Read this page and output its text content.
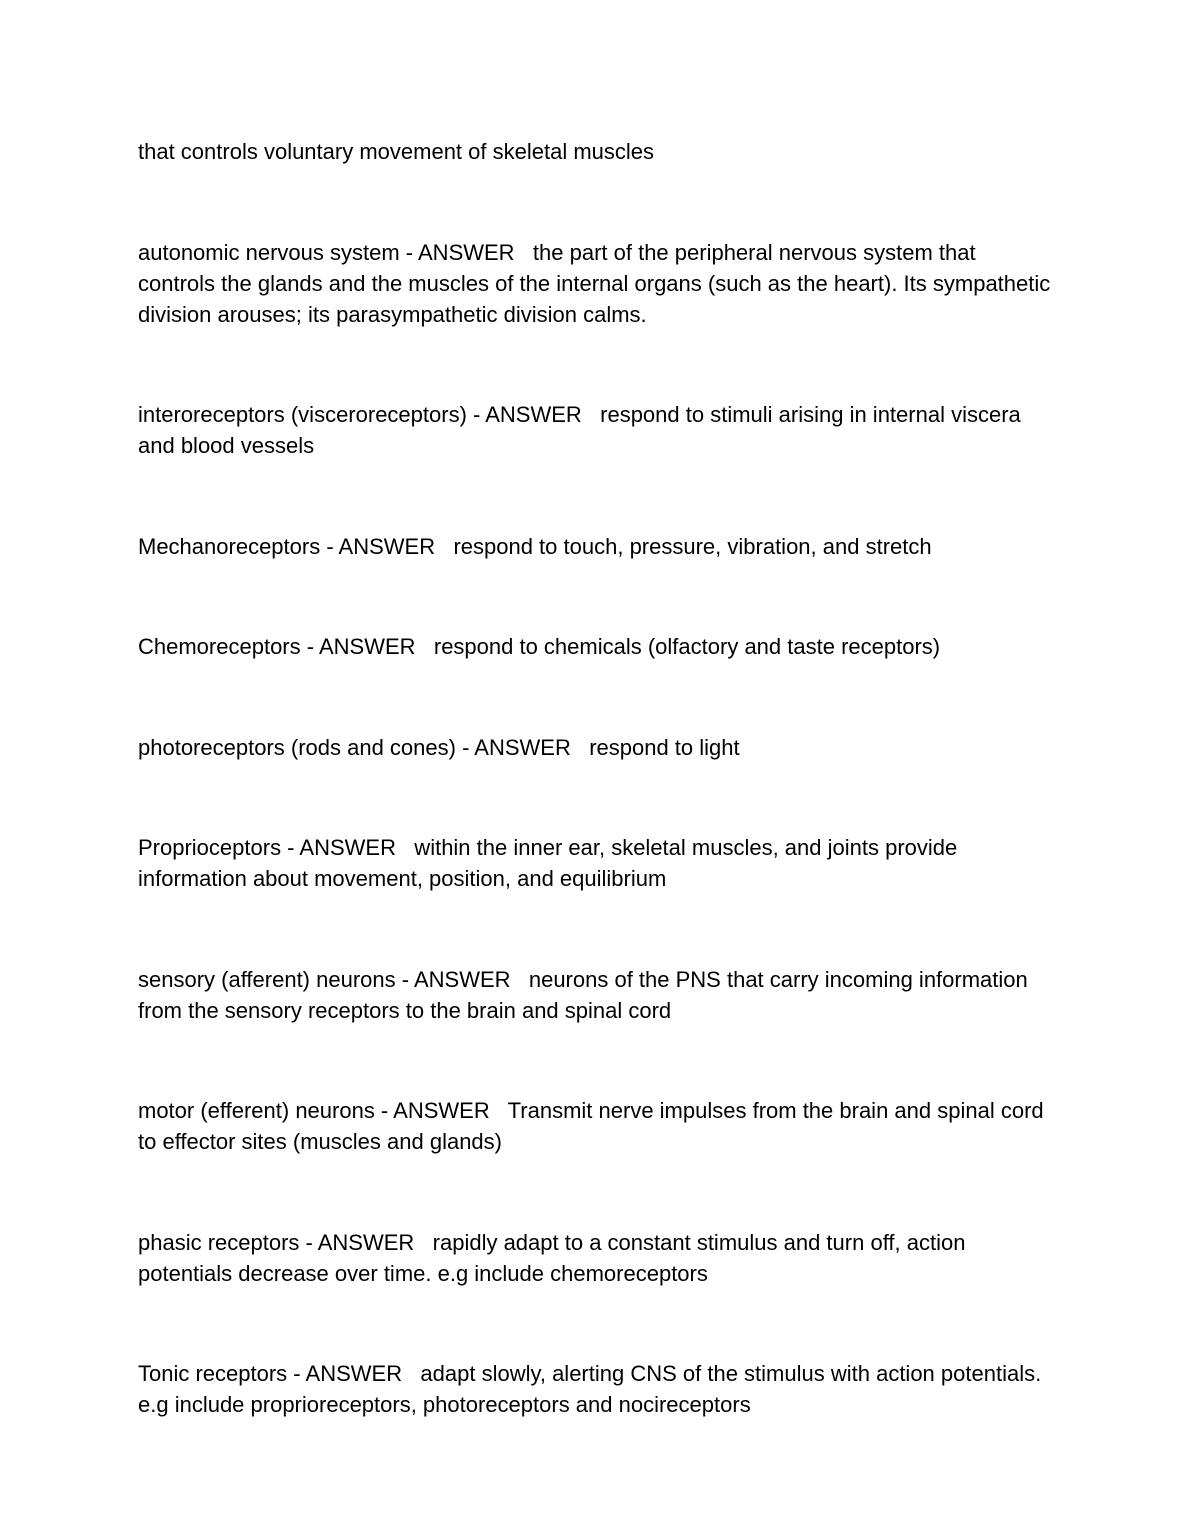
that controls voluntary movement of skeletal muscles

autonomic nervous system - ANSWER   the part of the peripheral nervous system that controls the glands and the muscles of the internal organs (such as the heart). Its sympathetic division arouses; its parasympathetic division calms.

interoreceptors (visceroreceptors) - ANSWER   respond to stimuli arising in internal viscera and blood vessels

Mechanoreceptors - ANSWER   respond to touch, pressure, vibration, and stretch

Chemoreceptors - ANSWER   respond to chemicals (olfactory and taste receptors)

photoreceptors (rods and cones) - ANSWER   respond to light

Proprioceptors - ANSWER   within the inner ear, skeletal muscles, and joints provide information about movement, position, and equilibrium

sensory (afferent) neurons - ANSWER   neurons of the PNS that carry incoming information from the sensory receptors to the brain and spinal cord

motor (efferent) neurons - ANSWER   Transmit nerve impulses from the brain and spinal cord to effector sites (muscles and glands)

phasic receptors - ANSWER   rapidly adapt to a constant stimulus and turn off, action potentials decrease over time. e.g include chemoreceptors

Tonic receptors - ANSWER   adapt slowly, alerting CNS of the stimulus with action potentials. e.g include proprioreceptors, photoreceptors and nocireceptors
